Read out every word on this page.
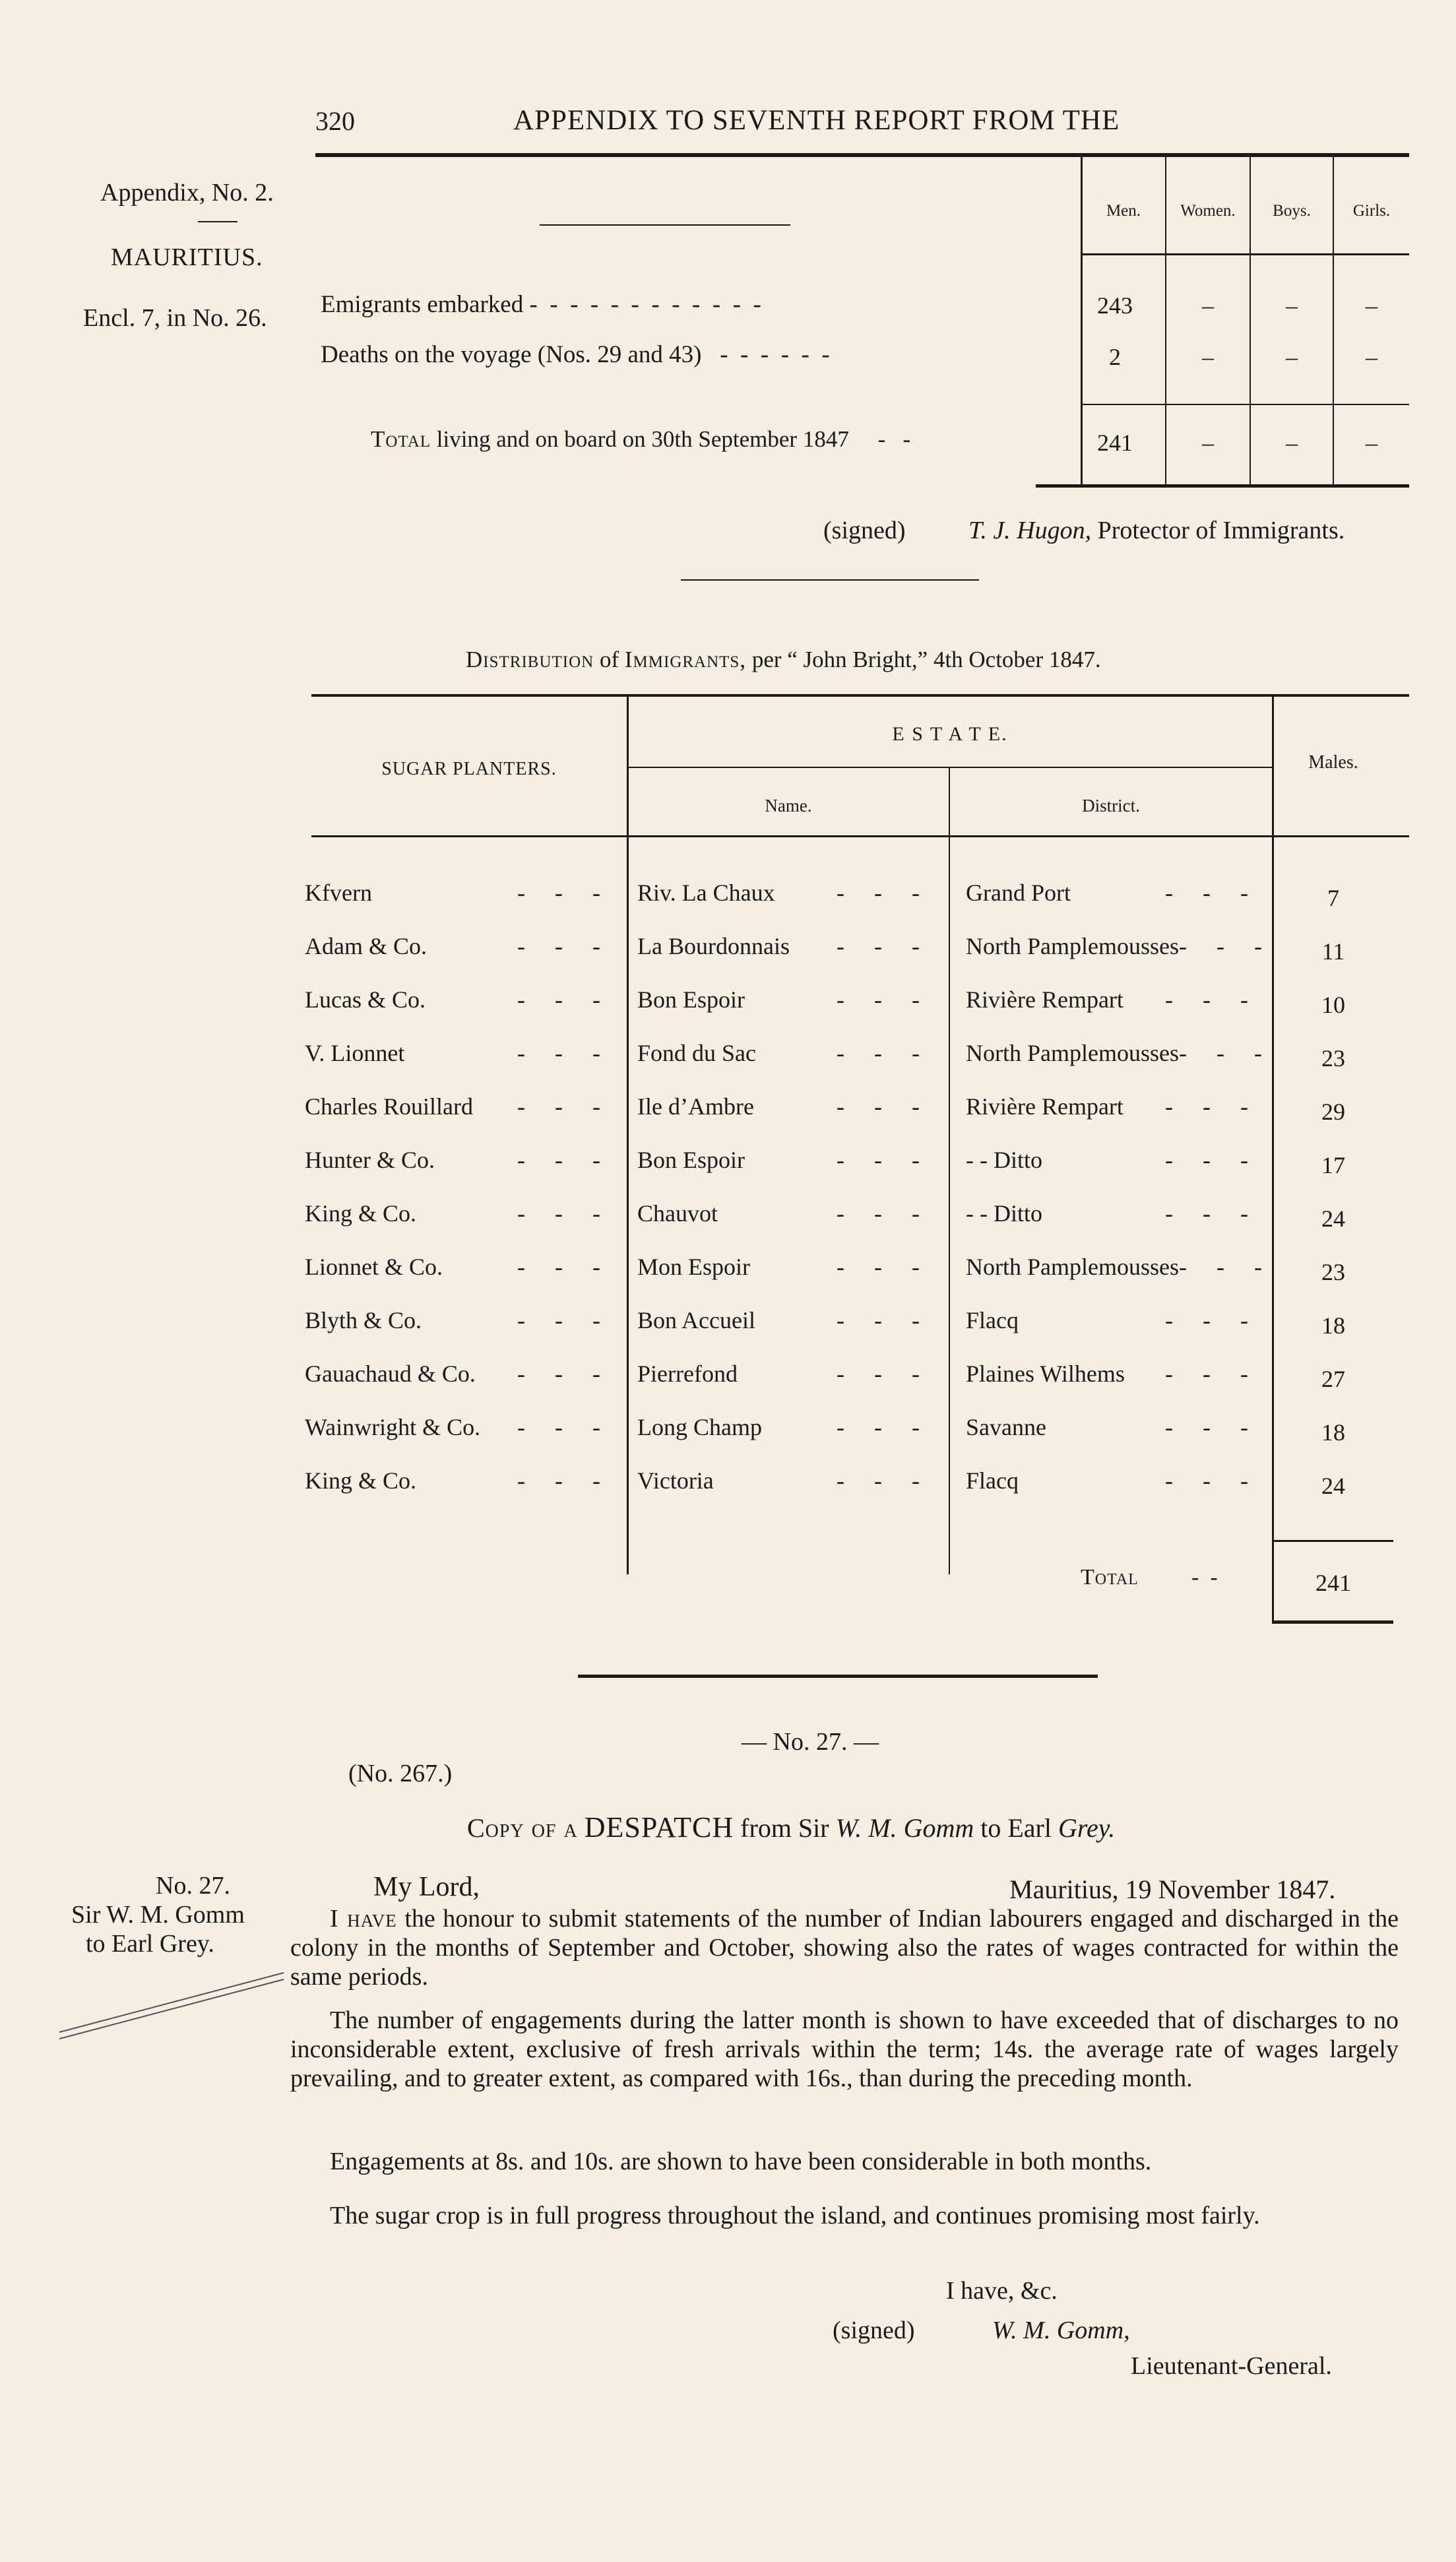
320	APPENDIX TO SEVENTH REPORT FROM THE
Appendix, No. 2.
MAURITIUS.
Encl. 7, in No. 26.
Men.	Women.	Boys.	Girls.
Emigrants embarked -  -  -  -  -  -  -  -  -  -  -  -	243	–	–	–
Deaths on the voyage (Nos. 29 and 43)   -  -  -  -  -  -	2	–	–	–
Total living and on board on 30th September 1847     -   -	241	–	–	–
(signed)	T. J. Hugon, Protector of Immigrants.
Distribution of Immigrants, per “ John Bright,” 4th October 1847.
SUGAR PLANTERS.
E S T A T E.
Name.	District.
Males.
Kfvern	- - - Riv. La Chaux	- - - Grand Port	- - -	7
Adam & Co.	- - - La Bourdonnais - - - North Pamplemousses - - -	11
Lucas & Co.	- - - Bon Espoir	- - - Rivière Rempart - - -	10
V. Lionnet	- - - Fond du Sac	- - - North Pamplemousses - - -	23
Charles Rouillard - - - Ile d’Ambre	- - - Rivière Rempart - - -	29
Hunter & Co.	- - - Bon Espoir	- - - - - Ditto	- - -	17
King & Co.	- - - Chauvot	- - - - - Ditto	- - -	24
Lionnet & Co.	- - - Mon Espoir	- - - North Pamplemousses - - -	23
Blyth & Co.	- - - Bon Accueil	- - - Flacq	- - -	18
Gauachaud & Co. - - - Pierrefond	- - - Plaines Wilhems - - -	27
Wainwright & Co. - - - Long Champ	- - - Savanne	- - -	18
King & Co.	- - - Victoria	- - - Flacq	- - -	24
Total -  -	241
— No. 27. —
(No. 267.)
Copy of a DESPATCH from Sir W. M. Gomm to Earl Grey.
No. 27.
Sir W. M. Gomm
to Earl Grey.
My Lord,	Mauritius, 19 November 1847.
I have the honour to submit statements of the number of Indian labourers engaged and discharged in the colony in the months of September and October, showing also the rates of wages contracted for within the same periods.
The number of engagements during the latter month is shown to have exceeded that of discharges to no inconsiderable extent, exclusive of fresh arrivals within the term; 14s. the average rate of wages largely prevailing, and to greater extent, as compared with 16s., than during the preceding month.
Engagements at 8s. and 10s. are shown to have been considerable in both months.
The sugar crop is in full progress throughout the island, and continues promising most fairly.
I have, &c.
(signed)	W. M. Gomm,
Lieutenant-General.
